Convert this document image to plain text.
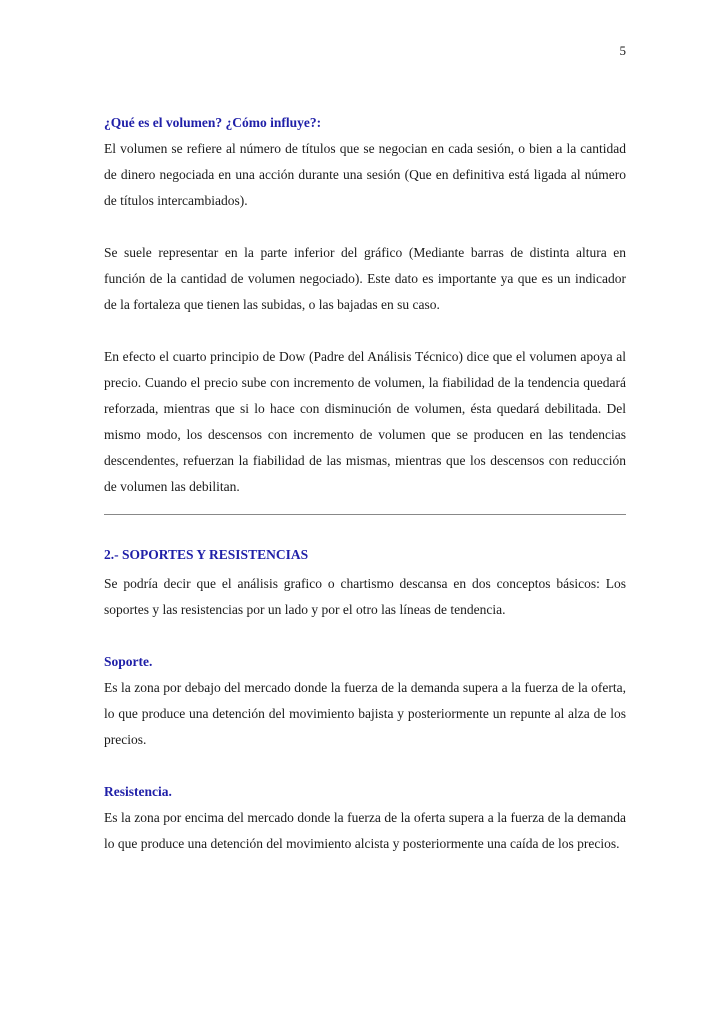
5

¿Qué es el volumen? ¿Cómo influye?:

El volumen se refiere al número de títulos que se negocian en cada sesión, o bien a la cantidad de dinero negociada en una acción durante una sesión (Que en definitiva está ligada al número de títulos intercambiados).

Se suele representar en la parte inferior del gráfico (Mediante barras de distinta altura en función de la cantidad de volumen negociado). Este dato es importante ya que es un indicador de la fortaleza que tienen las subidas, o las bajadas en su caso.

En efecto el cuarto principio de Dow (Padre del Análisis Técnico) dice que el volumen apoya al precio. Cuando el precio sube con incremento de volumen, la fiabilidad de la tendencia quedará reforzada, mientras que si lo hace con disminución de volumen, ésta quedará debilitada. Del mismo modo, los descensos con incremento de volumen que se producen en las tendencias descendentes, refuerzan la fiabilidad de las mismas, mientras que los descensos con reducción de volumen las debilitan.

2.- SOPORTES Y RESISTENCIAS

Se podría decir que el análisis grafico o chartismo descansa en dos conceptos básicos: Los soportes y las resistencias por un lado y por el otro las líneas de tendencia.

Soporte.

Es la zona por debajo del mercado donde la fuerza de la demanda supera a la fuerza de la oferta, lo que produce una detención del movimiento bajista y posteriormente un repunte al alza de los precios.

Resistencia.

Es la zona por encima del mercado donde la fuerza de la oferta supera a la fuerza de la demanda lo que produce una detención del movimiento alcista y posteriormente una caída de los precios.
